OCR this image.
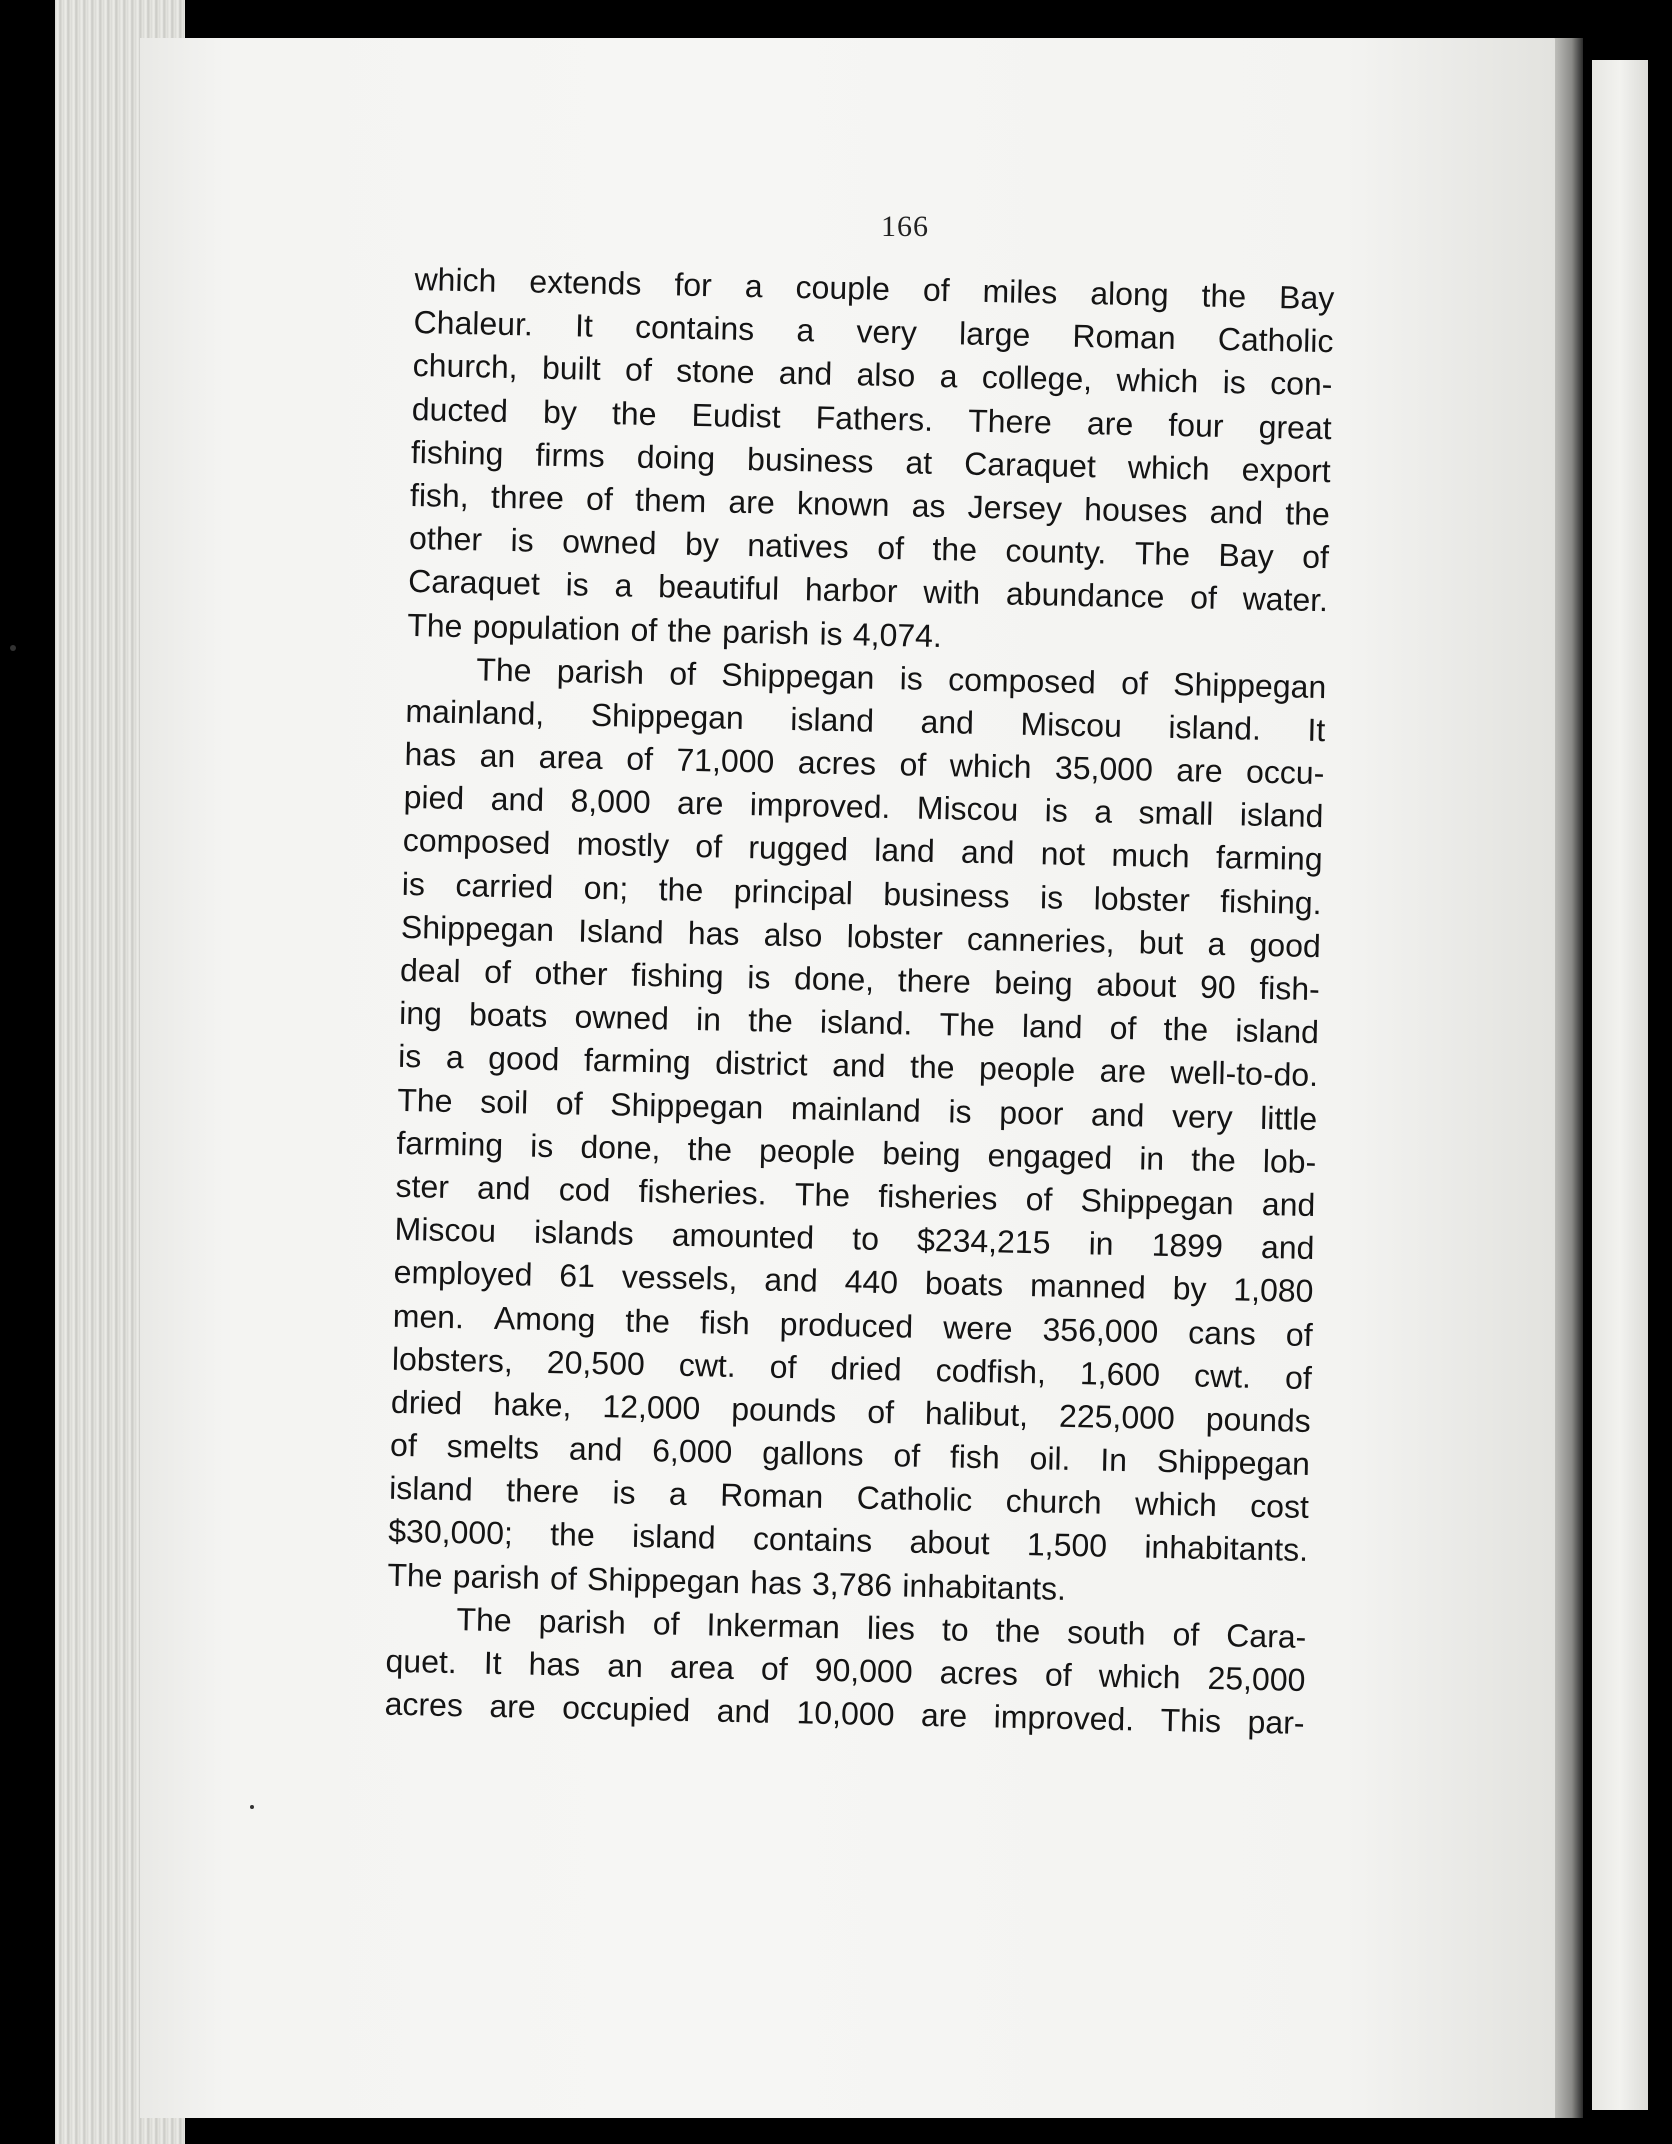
166
which extends for a couple of miles along the Bay
Chaleur. It contains a very large Roman Catholic
church, built of stone and also a college, which is con-
ducted by the Eudist Fathers. There are four great
fishing firms doing business at Caraquet which export
fish, three of them are known as Jersey houses and the
other is owned by natives of the county. The Bay of
Caraquet is a beautiful harbor with abundance of water.
The population of the parish is 4,074.
The parish of Shippegan is composed of Shippegan
mainland, Shippegan island and Miscou island. It
has an area of 71,000 acres of which 35,000 are occu-
pied and 8,000 are improved. Miscou is a small island
composed mostly of rugged land and not much farming
is carried on; the principal business is lobster fishing.
Shippegan Island has also lobster canneries, but a good
deal of other fishing is done, there being about 90 fish-
ing boats owned in the island. The land of the island
is a good farming district and the people are well-to-do.
The soil of Shippegan mainland is poor and very little
farming is done, the people being engaged in the lob-
ster and cod fisheries. The fisheries of Shippegan and
Miscou islands amounted to $234,215 in 1899 and
employed 61 vessels, and 440 boats manned by 1,080
men. Among the fish produced were 356,000 cans of
lobsters, 20,500 cwt. of dried codfish, 1,600 cwt. of
dried hake, 12,000 pounds of halibut, 225,000 pounds
of smelts and 6,000 gallons of fish oil. In Shippegan
island there is a Roman Catholic church which cost
$30,000; the island contains about 1,500 inhabitants.
The parish of Shippegan has 3,786 inhabitants.
The parish of Inkerman lies to the south of Cara-
quet. It has an area of 90,000 acres of which 25,000
acres are occupied and 10,000 are improved. This par-
